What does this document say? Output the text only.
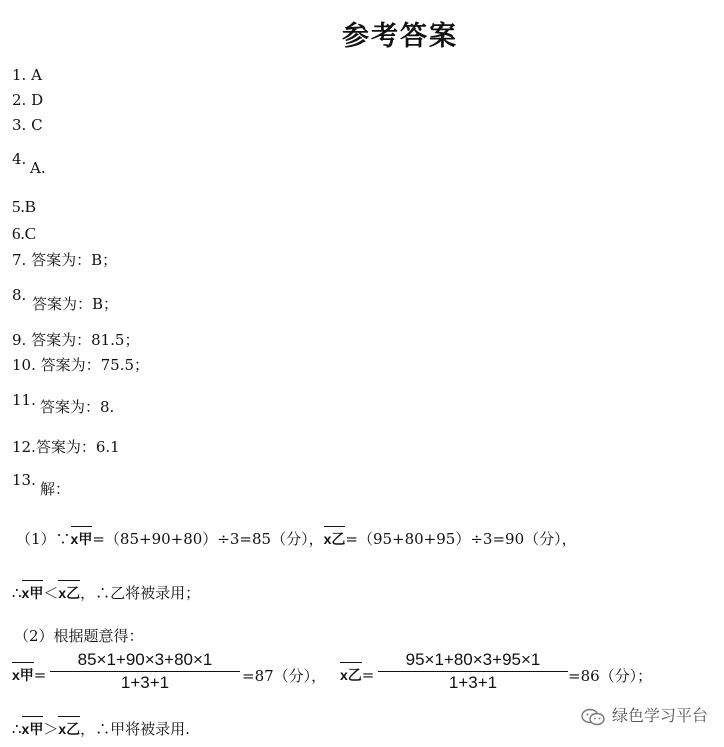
参考答案
1. A
2. D
3. C
4. A.
5.B
6.C
7. 答案为：B；
8. 答案为：B；
9. 答案为：81.5；
10. 答案为：75.5；
11. 答案为：8.
12.答案为：6.1
13. 解：
（1）∵
x甲=（85+90+80）÷3=85（分），
x乙=（95+80+95）÷3=90（分），
∴
x甲＜
x乙，∴乙将被录用；
（2）根据题意得：
x甲= $\frac{85\times 1+90\times 3+80\times 1}{1+3+1} =87$（分）， x乙= $\frac{95\times 1+80\times 3+95\times 1}{1+3+1} =86$（分）；
∴
x甲＞
x乙，∴甲将被录用.
绿色学习平台
